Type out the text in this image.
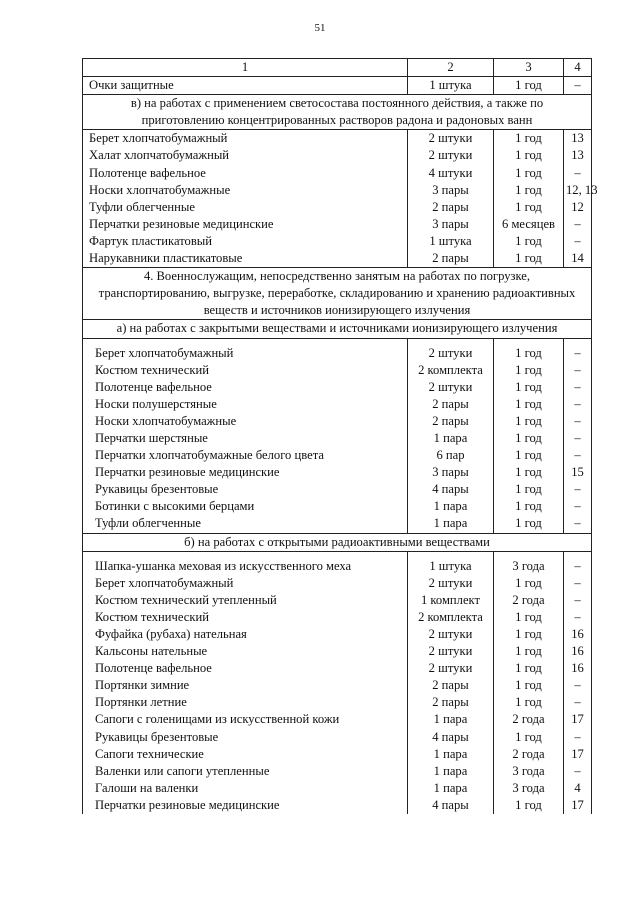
51
1	2	3	4
Очки защитные	1 штука	1 год	–
в) на работах с применением светосостава постоянного действия, а также по приготовлению концентрированных растворов радона и радоновых ванн			
Берет хлопчатобумажный	2 штуки	1 год	13
Халат хлопчатобумажный	2 штуки	1 год	13
Полотенце вафельное	4 штуки	1 год	–
Носки хлопчатобумажные	3 пары	1 год	12, 13
Туфли облегченные	2 пары	1 год	12
Перчатки резиновые медицинские	3 пары	6 месяцев	–
Фартук пластикатовый	1 штука	1 год	–
Нарукавники пластикатовые	2 пары	1 год	14
4. Военнослужащим, непосредственно занятым на работах по погрузке, транспортированию, выгрузке, переработке, складированию и хранению радиоактивных веществ и источников ионизирующего излучения			
а) на работах с закрытыми веществами и источниками ионизирующего излучения			

Берет хлопчатобумажный	2 штуки	1 год	–
Костюм технический	2 комплекта	1 год	–
Полотенце вафельное	2 штуки	1 год	–
Носки полушерстяные	2 пары	1 год	–
Носки хлопчатобумажные	2 пары	1 год	–
Перчатки шерстяные	1 пара	1 год	–
Перчатки хлопчатобумажные белого цвета	6 пар	1 год	–
Перчатки резиновые медицинские	3 пары	1 год	15
Рукавицы брезентовые	4 пары	1 год	–
Ботинки с высокими берцами	1 пара	1 год	–
Туфли облегченные	1 пара	1 год	–
б) на работах с открытыми радиоактивными веществами			

Шапка-ушанка меховая из искусственного меха	1 штука	3 года	–
Берет хлопчатобумажный	2 штуки	1 год	–
Костюм технический утепленный	1 комплект	2 года	–
Костюм технический	2 комплекта	1 год	–
Фуфайка (рубаха) нательная	2 штуки	1 год	16
Кальсоны нательные	2 штуки	1 год	16
Полотенце вафельное	2 штуки	1 год	16
Портянки зимние	2 пары	1 год	–
Портянки летние	2 пары	1 год	–
Сапоги с голенищами из искусственной кожи	1 пара	2 года	17
Рукавицы брезентовые	4 пары	1 год	–
Сапоги технические	1 пара	2 года	17
Валенки или сапоги утепленные	1 пара	3 года	–
Галоши на валенки	1 пара	3 года	4
Перчатки резиновые медицинские	4 пары	1 год	17
